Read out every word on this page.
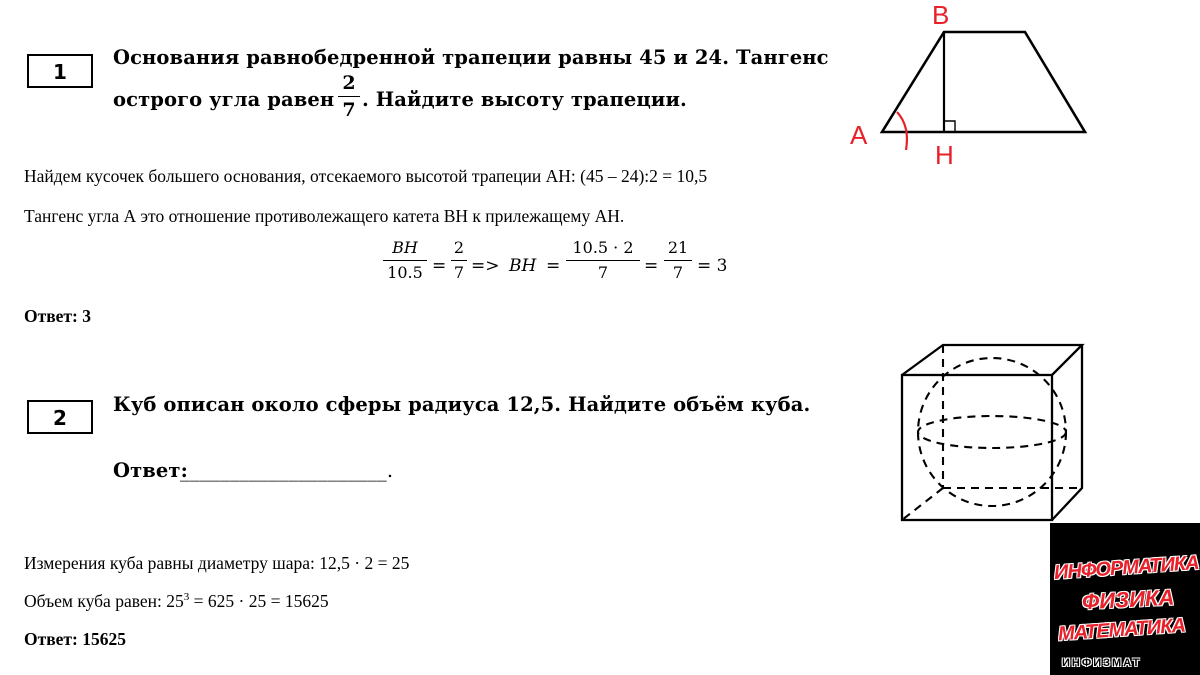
1
Основания равнобедренной трапеции равны 45 и 24. Тангенс
острого угла равен
2
7 . Найдите высоту трапеции.
B
A
H
Найдем кусочек большего основания, отсекаемого высотой трапеции АН: (45 – 24):2 = 10,5
Тангенс угла А это отношение противолежащего катета ВН к прилежащему АН.
BH
10.5 =
2
7 => BH =
10.5 · 2
7	=
21
7 = 3
Ответ: 3
2
Куб описан около сферы радиуса 12,5. Найдите объём куба.
Ответ:
_____________________.
Измерения куба равны диаметру шара: 12,5 · 2 = 25
Объем куба равен: $25^3 = 625 \cdot 25 = 15625$
Ответ: 15625
ИНФОРМАТИКА
ФИЗИКА
МАТЕМАТИКА
ИНФИЗМАТ
